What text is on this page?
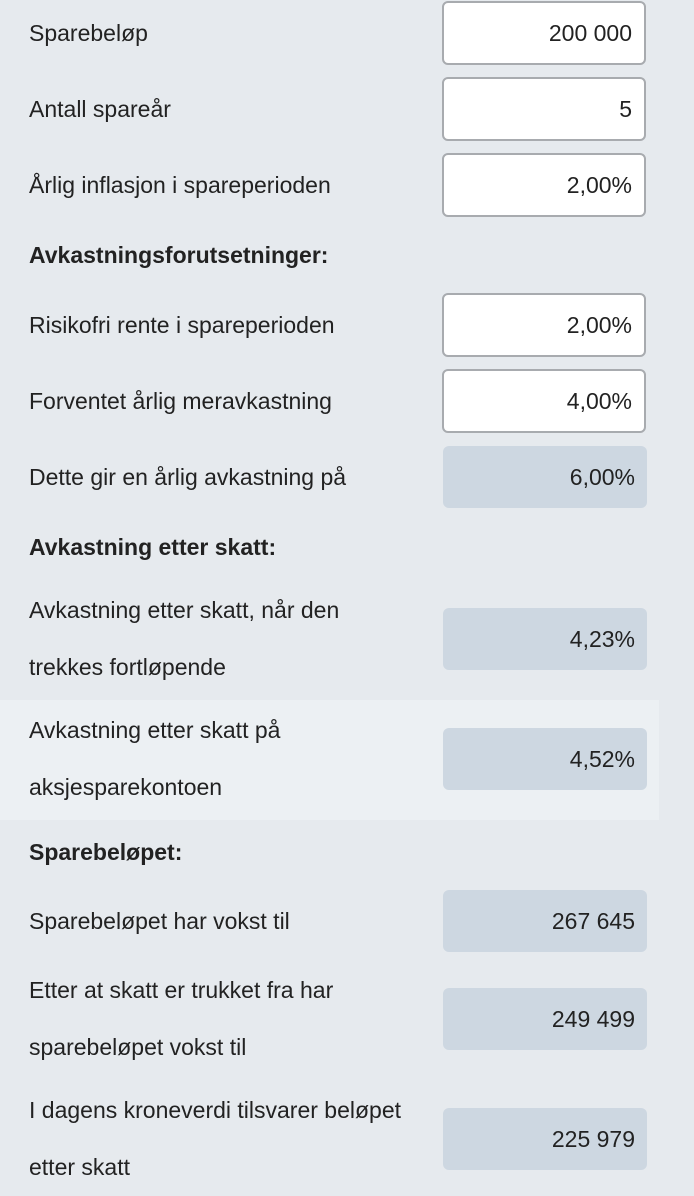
Sparebeløp
200 000
Antall spareår
5
Årlig inflasjon i spareperioden
2,00%
Avkastningsforutsetninger:
Risikofri rente i spareperioden
2,00%
Forventet årlig meravkastning
4,00%
Dette gir en årlig avkastning på	6,00%
Avkastning etter skatt:
Avkastning etter skatt, når den trekkes fortløpende
4,23%
Avkastning etter skatt på aksjesparekontoen
4,52%
Sparebeløpet:
Sparebeløpet har vokst til	267 645
Etter at skatt er trukket fra har sparebeløpet vokst til
249 499
I dagens kroneverdi tilsvarer beløpet etter skatt
225 979
